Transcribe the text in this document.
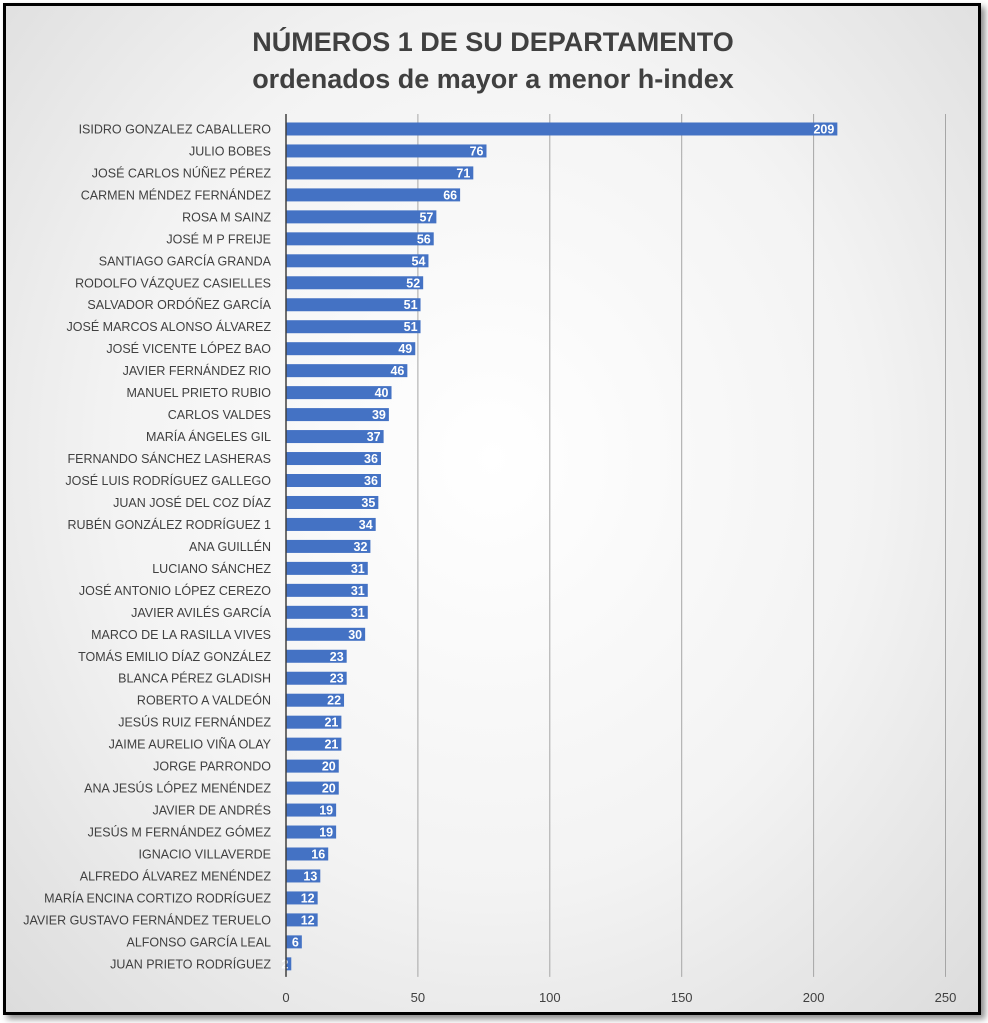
NÚMEROS 1 DE SU DEPARTAMENTO
ordenados de mayor a menor h-index
209
76
71
66
57
56
54
52
51
51
49
46
40
39
37
36
36
35
34
32
31
31
31
30
23
23
22
21
21
20
20
19
19
16
13
12
12
6
2
ISIDRO GONZALEZ CABALLERO
JULIO BOBES
JOSÉ CARLOS NÚÑEZ PÉREZ
CARMEN MÉNDEZ FERNÁNDEZ
ROSA M SAINZ
JOSÉ M P FREIJE
SANTIAGO GARCÍA GRANDA
RODOLFO VÁZQUEZ CASIELLES
SALVADOR ORDÓÑEZ GARCÍA
JOSÉ MARCOS ALONSO ÁLVAREZ
JOSÉ VICENTE LÓPEZ BAO
JAVIER FERNÁNDEZ RIO
MANUEL PRIETO RUBIO
CARLOS VALDES
MARÍA ÁNGELES GIL
FERNANDO SÁNCHEZ LASHERAS
JOSÉ LUIS RODRÍGUEZ GALLEGO
JUAN JOSÉ DEL COZ DÍAZ
RUBÉN GONZÁLEZ RODRÍGUEZ 1
ANA GUILLÉN
LUCIANO SÁNCHEZ
JOSÉ ANTONIO LÓPEZ CEREZO
JAVIER AVILÉS GARCÍA
MARCO DE LA RASILLA VIVES
TOMÁS EMILIO DÍAZ GONZÁLEZ
BLANCA PÉREZ GLADISH
ROBERTO A VALDEÓN
JESÚS RUIZ FERNÁNDEZ
JAIME AURELIO VIÑA OLAY
JORGE PARRONDO
ANA JESÚS LÓPEZ MENÉNDEZ
JAVIER DE ANDRÉS
JESÚS M FERNÁNDEZ GÓMEZ
IGNACIO VILLAVERDE
ALFREDO ÁLVAREZ MENÉNDEZ
MARÍA ENCINA CORTIZO RODRÍGUEZ
JAVIER GUSTAVO FERNÁNDEZ TERUELO
ALFONSO GARCÍA LEAL
JUAN PRIETO RODRÍGUEZ
0	50	100	150	200	250
